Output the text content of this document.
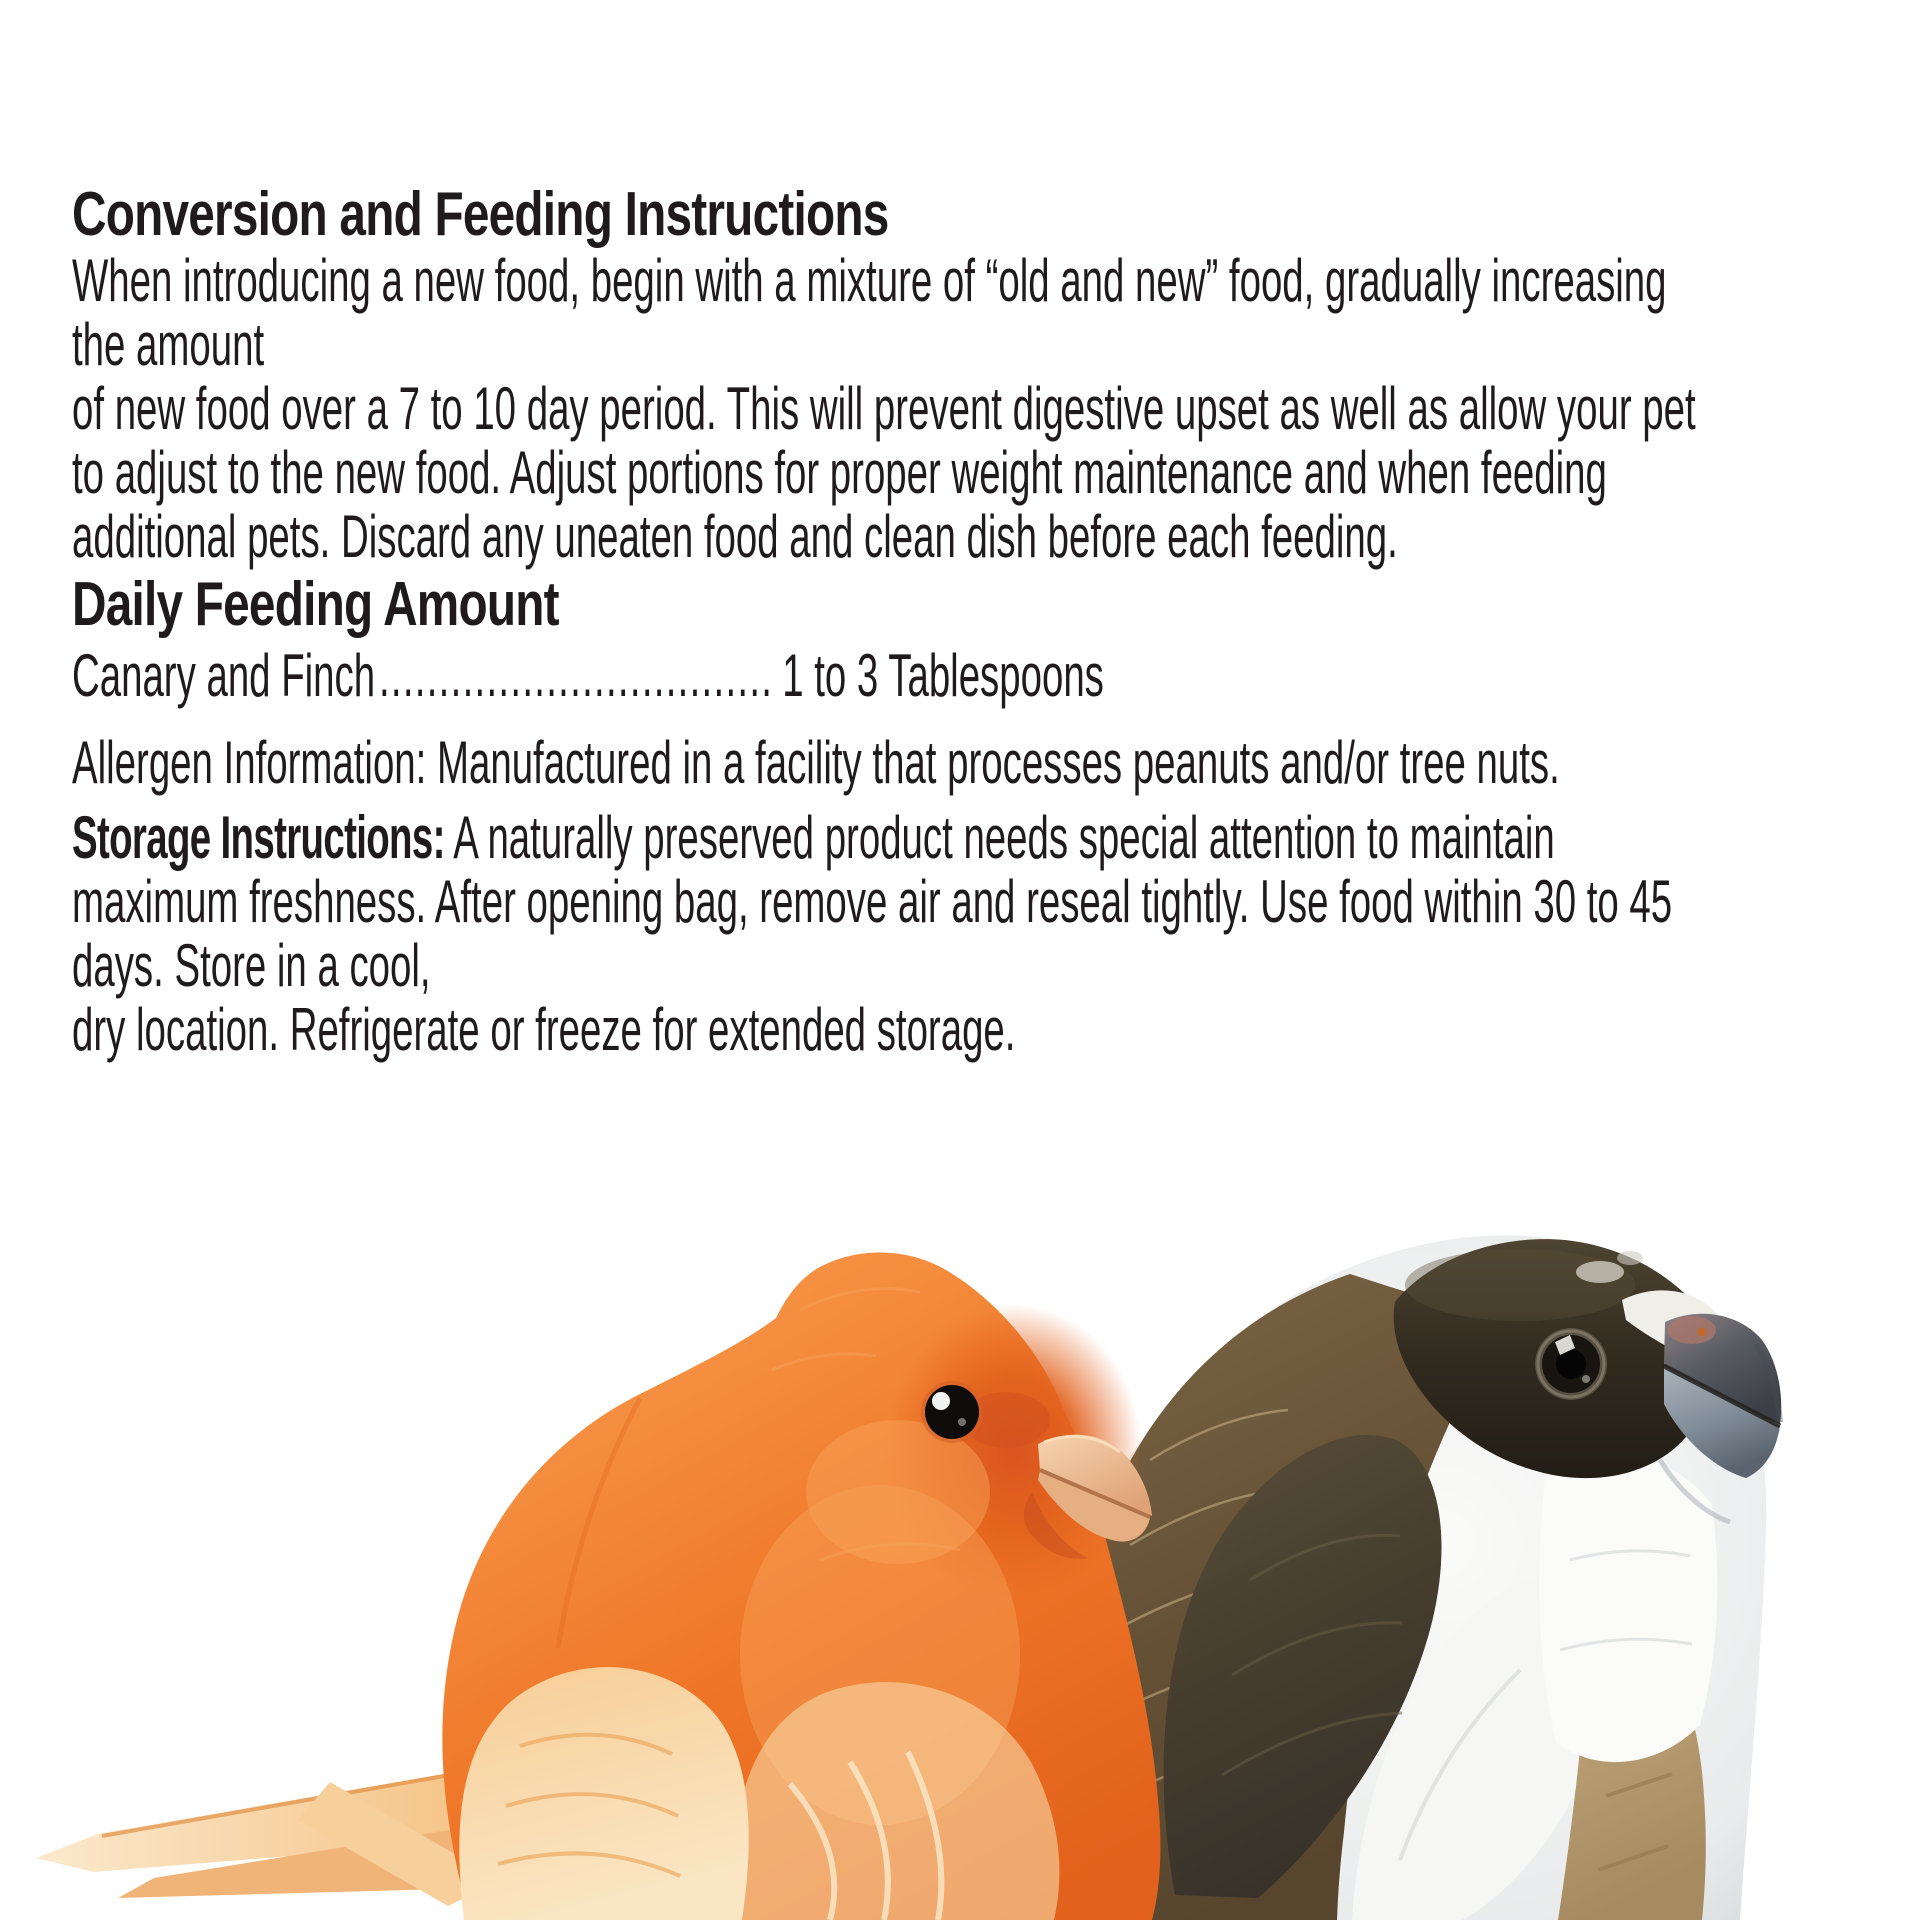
Conversion and Feeding Instructions
When introducing a new food, begin with a mixture of “old and new” food, gradually increasing
the amount
of new food over a 7 to 10 day period. This will prevent digestive upset as well as allow your pet
to adjust to the new food. Adjust portions for proper weight maintenance and when feeding
additional pets. Discard any uneaten food and clean dish before each feeding.
Daily Feeding Amount
Canary and Finch................................. 1 to 3 Tablespoons
Allergen Information: Manufactured in a facility that processes peanuts and/or tree nuts.
Storage Instructions: A naturally preserved product needs special attention to maintain
maximum freshness. After opening bag, remove air and reseal tightly. Use food within 30 to 45
days. Store in a cool,
dry location. Refrigerate or freeze for extended storage.
